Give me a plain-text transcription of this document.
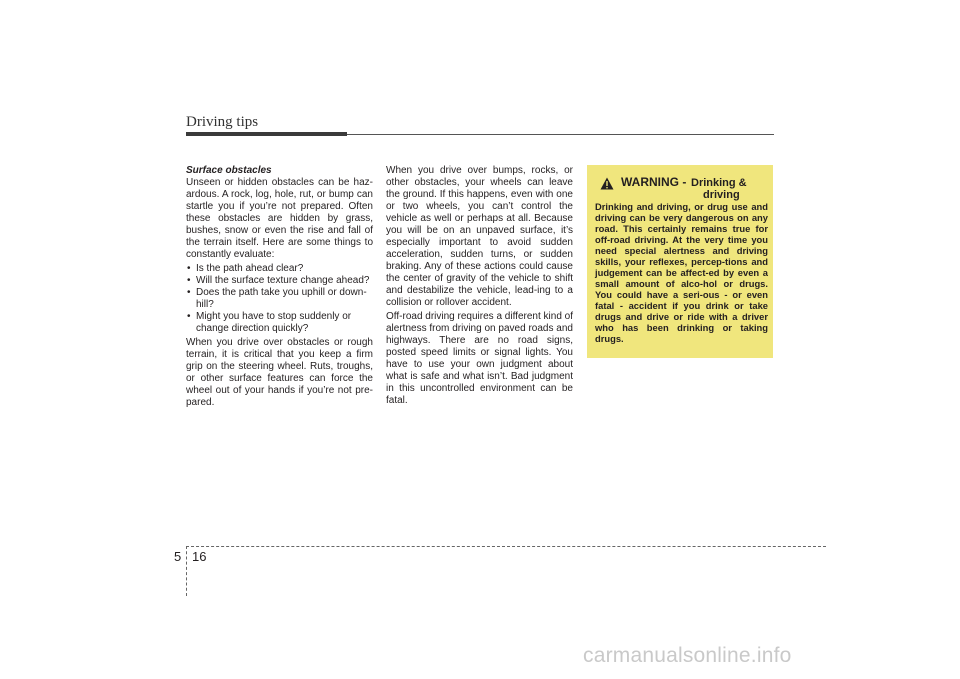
Driving tips
Surface obstacles

Unseen or hidden obstacles can be haz-ardous. A rock, log, hole, rut, or bump can startle you if you’re not prepared. Often these obstacles are hidden by grass, bushes, snow or even the rise and fall of the terrain itself. Here are some things to constantly evaluate:

• Is the path ahead clear?
• Will the surface texture change ahead?
• Does the path take you uphill or down-hill?
• Might you have to stop suddenly or change direction quickly?

When you drive over obstacles or rough terrain, it is critical that you keep a firm grip on the steering wheel. Ruts, troughs, or other surface features can force the wheel out of your hands if you’re not pre-pared.

When you drive over bumps, rocks, or other obstacles, your wheels can leave the ground. If this happens, even with one or two wheels, you can’t control the vehicle as well or perhaps at all. Because you will be on an unpaved surface, it’s especially important to avoid sudden acceleration, sudden turns, or sudden braking. Any of these actions could cause the center of gravity of the vehicle to shift and destabilize the vehicle, lead-ing to a collision or rollover accident.

Off-road driving requires a different kind of alertness from driving on paved roads and highways. There are no road signs, posted speed limits or signal lights. You have to use your own judgment about what is safe and what isn’t. Bad judgment in this uncontrolled environment can be fatal.

WARNING - Drinking &
driving

Drinking and driving, or drug use and driving can be very dangerous on any road. This certainly remains true for off-road driving. At the very time you need special alertness and driving skills, your reflexes, percep-tions and judgement can be affect-ed by even a small amount of alco-hol or drugs. You could have a seri-ous - or even fatal - accident if you drink or take drugs and drive or ride with a driver who has been drinking or taking drugs.

5 16
carmanualsonline.info
